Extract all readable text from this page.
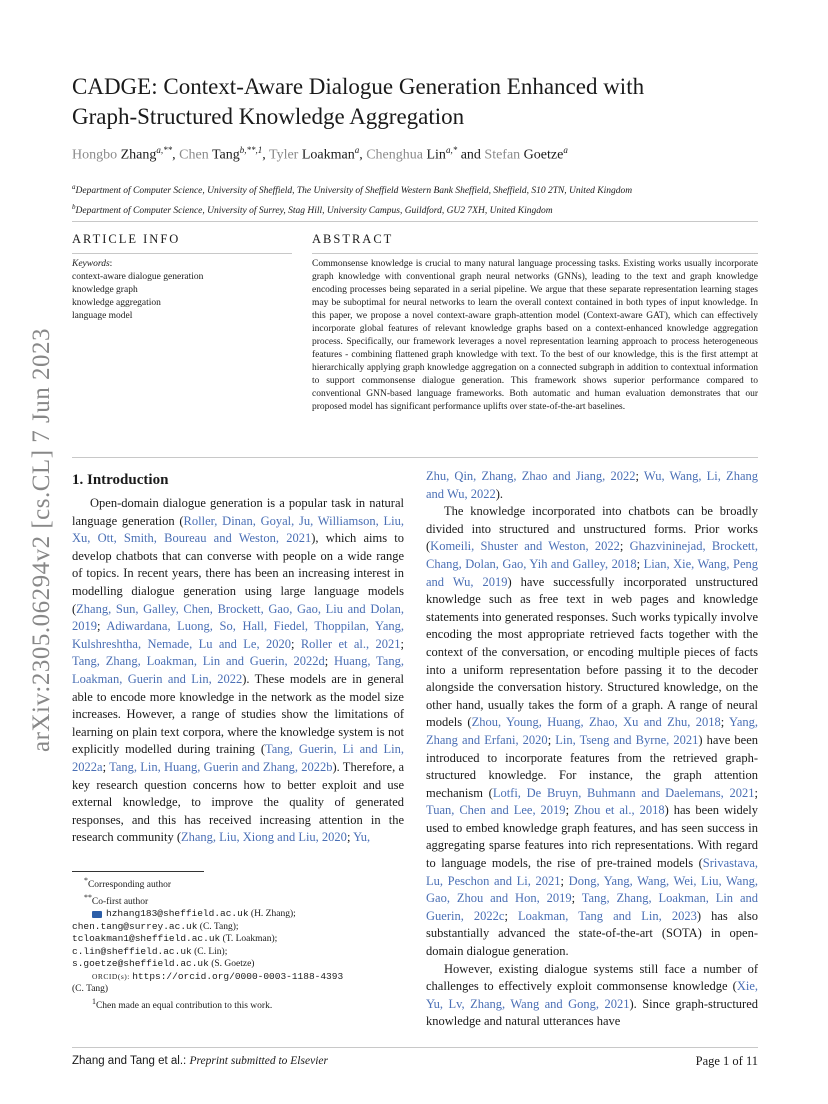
arXiv:2305.06294v2 [cs.CL] 7 Jun 2023
CADGE: Context-Aware Dialogue Generation Enhanced with
Graph-Structured Knowledge Aggregation
Hongbo Zhang$^{a,**}$, Chen Tang$^{b,**,1}$, Tyler Loakman$^a$, Chenghua Lin$^{a,*}$ and Stefan Goetze$^a$
$^a$Department of Computer Science, University of Sheffield, The University of Sheffield Western Bank Sheffield, Sheffield, S10 2TN, United Kingdom
$^b$Department of Computer Science, University of Surrey, Stag Hill, University Campus, Guildford, GU2 7XH, United Kingdom
ARTICLE INFO	ABSTRACT
Keywords:
context-aware dialogue generation
knowledge graph
knowledge aggregation
language model

Commonsense knowledge is crucial to many natural language processing tasks. Existing works usually incorporate graph knowledge with conventional graph neural networks (GNNs), leading to the text and graph knowledge encoding processes being separated in a serial pipeline. We argue that these separate representation learning stages may be suboptimal for neural networks to learn the overall context contained in both types of input knowledge. In this paper, we propose a novel context-aware graph-attention model (Context-aware GAT), which can effectively incorporate global features of relevant knowledge graphs based on a context-enhanced knowledge aggregation process. Specifically, our framework leverages a novel representation learning approach to process heterogeneous features - combining flattened graph knowledge with text. To the best of our knowledge, this is the first attempt at hierarchically applying graph knowledge aggregation on a connected subgraph in addition to contextual information to support commonsense dialogue generation. This framework shows superior performance compared to conventional GNN-based language frameworks. Both automatic and human evaluation demonstrates that our proposed model has significant performance uplifts over state-of-the-art baselines.

1. Introduction

Open-domain dialogue generation is a popular task in natural language generation (Roller, Dinan, Goyal, Ju, Williamson, Liu, Xu, Ott, Smith, Boureau and Weston, 2021), which aims to develop chatbots that can converse with people on a wide range of topics. In recent years, there has been an increasing interest in modelling dialogue generation using large language models (Zhang, Sun, Galley, Chen, Brockett, Gao, Gao, Liu and Dolan, 2019; Adiwardana, Luong, So, Hall, Fiedel, Thoppilan, Yang, Kulshreshtha, Nemade, Lu and Le, 2020; Roller et al., 2021; Tang, Zhang, Loakman, Lin and Guerin, 2022d; Huang, Tang, Loakman, Guerin and Lin, 2022). These models are in general able to encode more knowledge in the network as the model size increases. However, a range of studies show the limitations of learning on plain text corpora, where the knowledge system is not explicitly modelled during training (Tang, Guerin, Li and Lin, 2022a; Tang, Lin, Huang, Guerin and Zhang, 2022b). Therefore, a key research question concerns how to better exploit and use external knowledge, to improve the quality of generated responses, and this has received increasing attention in the research community (Zhang, Liu, Xiong and Liu, 2020; Yu,

Zhu, Qin, Zhang, Zhao and Jiang, 2022; Wu, Wang, Li, Zhang and Wu, 2022).

The knowledge incorporated into chatbots can be broadly divided into structured and unstructured forms. Prior works (Komeili, Shuster and Weston, 2022; Ghazvininejad, Brockett, Chang, Dolan, Gao, Yih and Galley, 2018; Lian, Xie, Wang, Peng and Wu, 2019) have successfully incorporated unstructured knowledge such as free text in web pages and knowledge statements into generated responses. Such works typically involve encoding the most appropriate retrieved facts together with the context of the conversation, or encoding multiple pieces of facts into a uniform representation before passing it to the decoder alongside the conversation history. Structured knowledge, on the other hand, usually takes the form of a graph. A range of neural models (Zhou, Young, Huang, Zhao, Xu and Zhu, 2018; Yang, Zhang and Erfani, 2020; Lin, Tseng and Byrne, 2021) have been introduced to incorporate features from the retrieved graph-structured knowledge. For instance, the graph attention mechanism (Lotfi, De Bruyn, Buhmann and Daelemans, 2021; Tuan, Chen and Lee, 2019; Zhou et al., 2018) has been widely used to embed knowledge graph features, and has seen success in aggregating sparse features into rich representations. With regard to language models, the rise of pre-trained models (Srivastava, Lu, Peschon and Li, 2021; Dong, Yang, Wang, Wei, Liu, Wang, Gao, Zhou and Hon, 2019; Tang, Zhang, Loakman, Lin and Guerin, 2022c; Loakman, Tang and Lin, 2023) has also substantially advanced the state-of-the-art (SOTA) in open-domain dialogue generation.

However, existing dialogue systems still face a number of challenges to effectively exploit commonsense knowledge (Xie, Yu, Lv, Zhang, Wang and Gong, 2021). Since graph-structured knowledge and natural utterances have

*Corresponding author
**Co-first author
hzhang183@sheffield.ac.uk (H. Zhang);
chen.tang@surrey.ac.uk (C. Tang);
tcloakman1@sheffield.ac.uk (T. Loakman);
c.lin@sheffield.ac.uk (C. Lin);
s.goetze@sheffield.ac.uk (S. Goetze)
ORCID(s): https://orcid.org/0000-0003-1188-4393
(C. Tang)
$^1$Chen made an equal contribution to this work.
Zhang and Tang et al.: Preprint submitted to Elsevier	Page 1 of 11
